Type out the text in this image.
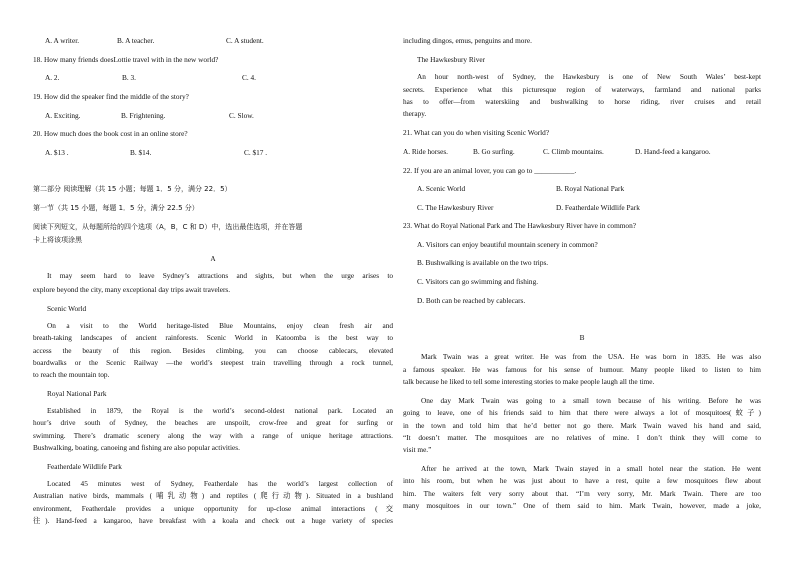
A. A writer.	B. A teacher.	C. A student.
18. How many friends doesLottie travel with in the new world?
A. 2.	B. 3.	C. 4.
19. How did the speaker find the middle of the story?
A. Exciting.	B. Frightening.	C. Slow.
20. How much does the book cost in an online store?
A. $13 .	B. $14.	C. $17 .
第二部分 阅读理解（共 15 小题；每题 1．5 分，满分 22．5）
第一节（共 15 小题，每题 1．5 分，满分 22.5 分）
阅读下列短文，从每题所给的四个选项（A，B，C 和 D）中，选出最佳选项，并在答题
卡上将该项涂黑
A
It may seem hard to leave Sydney’s attractions and sights, but when the urge arises to
explore beyond the city, many exceptional day trips await travelers.
Scenic World
On a visit to the World heritage-listed Blue Mountains, enjoy clean fresh air and
breath-taking landscapes of ancient rainforests. Scenic World in Katoomba is the best way to
access the beauty of this region. Besides climbing, you can choose cablecars, elevated
boardwalks or the Scenic Railway —the world’s steepest train travelling through a rock tunnel,
to reach the mountain top.
Royal National Park
Established in 1879, the Royal is the world’s second-oldest national park. Located an
hour’s drive south of Sydney, the beaches are unspoilt, crow-free and great for surfing or
swimming. There’s dramatic scenery along the way with a range of unique heritage attractions.
Bushwalking, boating, canoeing and fishing are also popular activities.
Featherdale Wildlife Park
Located 45 minutes west of Sydney, Featherdale has the world’s largest collection of
Australian native birds, mammals (哺乳动物) and reptiles (爬行动物). Situated in a bushland
environment, Featherdale provides a unique opportunity for up-close animal interactions (交
往). Hand-feed a kangaroo, have breakfast with a koala and check out a huge variety of species
including dingos, emus, penguins and more.
The Hawkesbury River
An hour north-west of Sydney, the Hawkesbury is one of New South Wales’ best-kept
secrets. Experience what this picturesque region of waterways, farmland and national parks
has to offer—from waterskiing and bushwalking to horse riding, river cruises and retail
therapy.
21. What can you do when visiting Scenic World?
A. Ride horses.	B. Go surfing.	C. Climb mountains.	D. Hand-feed a kangaroo.
22. If you are an animal lover, you can go to ___________.
A. Scenic World	B. Royal National Park
C. The Hawkesbury River	D. Featherdale Wildlife Park
23. What do Royal National Park and The Hawkesbury River have in common?
A. Visitors can enjoy beautiful mountain scenery in common?
B. Bushwalking is available on the two trips.
C. Visitors can go swimming and fishing.
D. Both can be reached by cablecars.
B
Mark Twain was a great writer. He was from the USA. He was born in 1835. He was also
a famous speaker. He was famous for his sense of humour. Many people liked to listen to him
talk because he liked to tell some interesting stories to make people laugh all the time.
One day Mark Twain was going to a small town because of his writing. Before he was
going to leave, one of his friends said to him that there were always a lot of mosquitoes(蚊子)
in the town and told him that he’d better not go there. Mark Twain waved his hand and said,
“It doesn’t matter. The mosquitoes are no relatives of mine. I don’t think they will come to
visit me.”
After he arrived at the town, Mark Twain stayed in a small hotel near the station. He went
into his room, but when he was just about to have a rest, quite a few mosquitoes flew about
him. The waiters felt very sorry about that. “I’m very sorry, Mr. Mark Twain. There are too
many mosquitoes in our town.” One of them said to him. Mark Twain, however, made a joke,
